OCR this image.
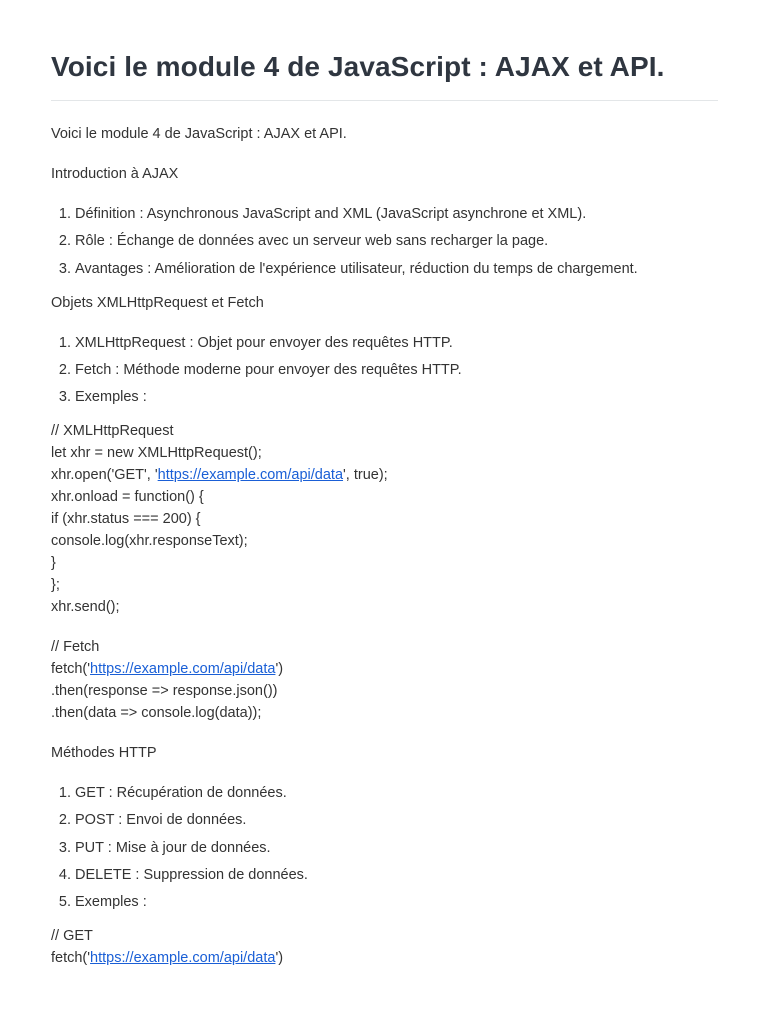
Voici le module 4 de JavaScript : AJAX et API.

Voici le module 4 de JavaScript : AJAX et API.

Introduction à AJAX

1. Définition : Asynchronous JavaScript and XML (JavaScript asynchrone et XML).
2. Rôle : Échange de données avec un serveur web sans recharger la page.
3. Avantages : Amélioration de l'expérience utilisateur, réduction du temps de chargement.

Objets XMLHttpRequest et Fetch

1. XMLHttpRequest : Objet pour envoyer des requêtes HTTP.
2. Fetch : Méthode moderne pour envoyer des requêtes HTTP.
3. Exemples :

// XMLHttpRequest

let xhr = new XMLHttpRequest();

xhr.open('GET', 'https://example.com/api/data', true);

xhr.onload = function() {

if (xhr.status === 200) {

console.log(xhr.responseText);

}

};

xhr.send();

// Fetch

fetch('https://example.com/api/data')

.then(response => response.json())

.then(data => console.log(data));

Méthodes HTTP

1. GET : Récupération de données.
2. POST : Envoi de données.
3. PUT : Mise à jour de données.
4. DELETE : Suppression de données.
5. Exemples :

// GET

fetch('https://example.com/api/data')
